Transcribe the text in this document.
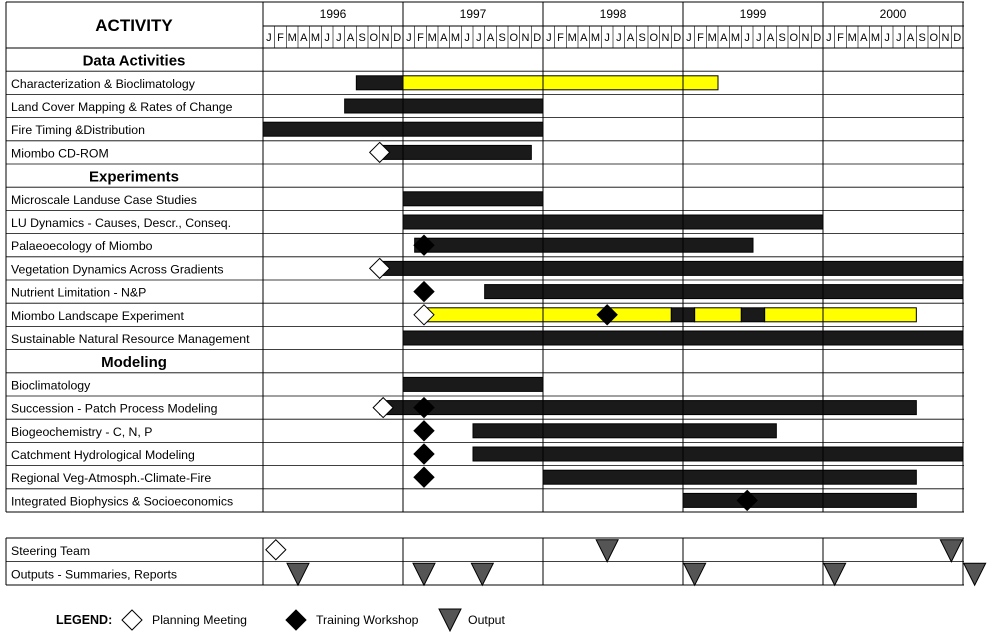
ACTIVITY
1996	1997	1998	1999	2000
J F M A M J J A S O N D J F M A M J J A S O N D J F M A M J J A S O N D J F M A M J J A S O N D J F M A M J J A S O N D
Data Activities
Characterization & Bioclimatology
Land Cover Mapping & Rates of Change
Fire Timing &Distribution
Miombo CD-ROM
Experiments
Microscale Landuse Case Studies
LU Dynamics - Causes, Descr., Conseq.
Palaeoecology of Miombo
Vegetation Dynamics Across Gradients
Nutrient Limitation - N&P
Miombo Landscape Experiment
Sustainable Natural Resource Management
Modeling
Bioclimatology
Succession - Patch Process Modeling
Biogeochemistry - C, N, P
Catchment Hydrological Modeling
Regional Veg-Atmosph.-Climate-Fire
Integrated Biophysics & Socioeconomics
Steering Team
Outputs - Summaries, Reports
LEGEND:	Planning Meeting	Training Workshop	Output
